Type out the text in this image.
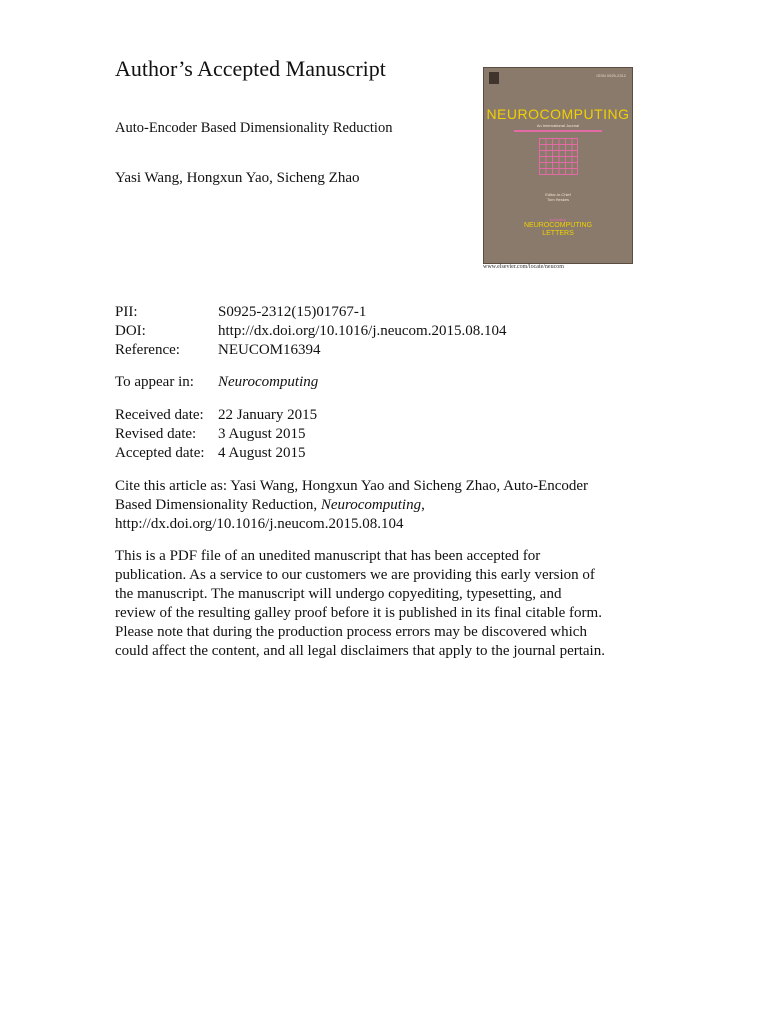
Author’s Accepted Manuscript
Auto-Encoder Based Dimensionality Reduction
Yasi Wang, Hongxun Yao, Sicheng Zhao
PII:	S0925-2312(15)01767-1
DOI:	http://dx.doi.org/10.1016/j.neucom.2015.08.104
Reference:	NEUCOM16394
To appear in: Neurocomputing
Received date: 22 January 2015
Revised date: 3 August 2015
Accepted date: 4 August 2015
Cite this article as: Yasi Wang, Hongxun Yao and Sicheng Zhao, Auto-Encoder
Based Dimensionality Reduction, Neurocomputing,
http://dx.doi.org/10.1016/j.neucom.2015.08.104
This is a PDF file of an unedited manuscript that has been accepted for
publication. As a service to our customers we are providing this early version of
the manuscript. The manuscript will undergo copyediting, typesetting, and
review of the resulting galley proof before it is published in its final citable form.
Please note that during the production process errors may be discovered which
could affect the content, and all legal disclaimers that apply to the journal pertain.
ISSN 0925-2312
NEUROCOMPUTING
An International Journal
Editor-in-Chief
Tom Heskes
Including
NEUROCOMPUTING
LETTERS
www.elsevier.com/locate/neucom
